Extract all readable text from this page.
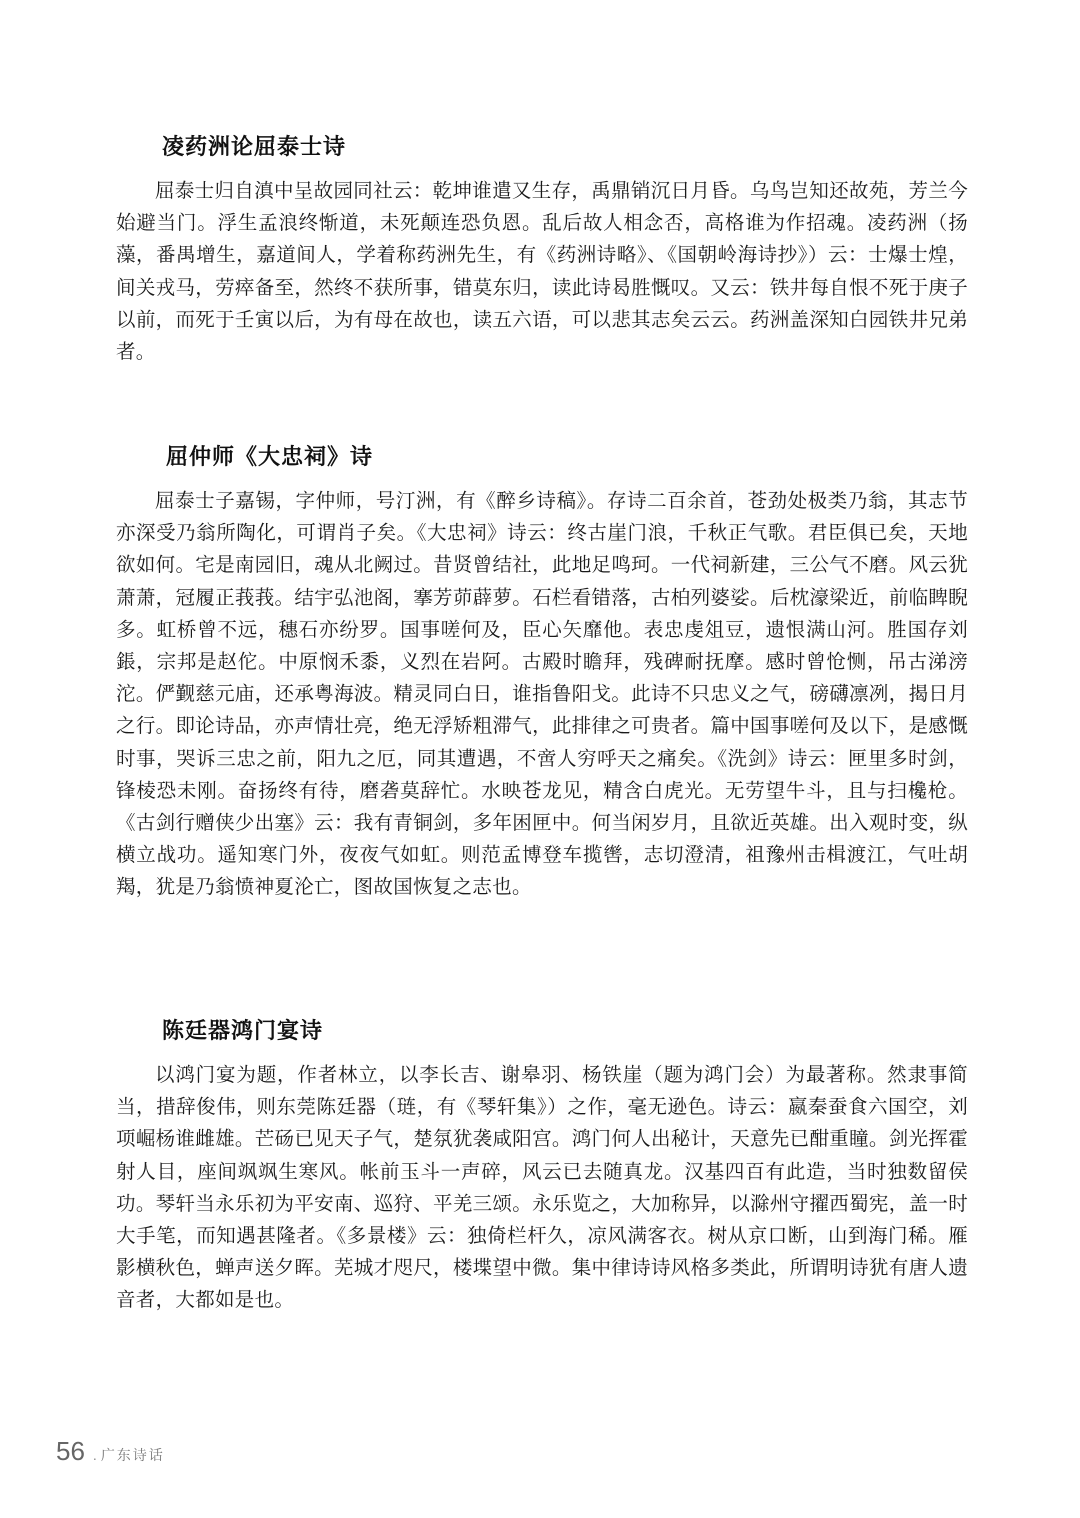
凌药洲论屈泰士诗

屈泰士归自滇中呈故园同社云：乾坤谁遣又生存，禹鼎销沉日月昏。乌鸟岂知还故苑，芳兰今始避当门。浮生孟浪终惭道，未死颠连恐负恩。乱后故人相念否，高格谁为作招魂。凌药洲（扬藻，番禺增生，嘉道间人，学着称药洲先生，有《药洲诗略》、《国朝岭海诗抄》）云：士爆士煌，间关戎马，劳瘁备至，然终不获所事，错莫东归，读此诗曷胜慨叹。又云：铁井每自恨不死于庚子以前，而死于壬寅以后，为有母在故也，读五六语，可以悲其志矣云云。药洲盖深知白园铁井兄弟者。

屈仲师《大忠祠》诗

屈泰士子嘉锡，字仲师，号汀洲，有《醉乡诗稿》。存诗二百余首，苍劲处极类乃翁，其志节亦深受乃翁所陶化，可谓肖子矣。《大忠祠》诗云：终古崖门浪，千秋正气歌。君臣俱已矣，天地欲如何。宅是南园旧，魂从北阙过。昔贤曾结社，此地足鸣珂。一代祠新建，三公气不磨。风云犹萧萧，冠履正莪莪。结宇弘池阁，搴芳茆薜萝。石栏看错落，古柏列婆娑。后枕濠梁近，前临睥睨多。虹桥曾不远，穗石亦纷罗。国事嗟何及，臣心矢靡他。表忠虔俎豆，遗恨满山河。胜国存刘鋹，宗邦是赵佗。中原悯禾黍，义烈在岩阿。古殿时瞻拜，残碑耐抚摩。感时曾怆恻，吊古涕滂沱。俨觐慈元庙，还承粤海波。精灵同白日，谁指鲁阳戈。此诗不只忠义之气，磅礴凛冽，揭日月之行。即论诗品，亦声情壮亮，绝无浮矫粗滞气，此排律之可贵者。篇中国事嗟何及以下，是感慨时事，哭诉三忠之前，阳九之厄，同其遭遇，不啻人穷呼天之痛矣。《洗剑》诗云：匣里多时剑，锋棱恐未刚。奋扬终有待，磨砻莫辞忙。水映苍龙见，精含白虎光。无劳望牛斗，且与扫欃枪。《古剑行赠侠少出塞》云：我有青铜剑，多年困匣中。何当闲岁月，且欲近英雄。出入观时变，纵横立战功。遥知寒门外，夜夜气如虹。则范孟博登车揽辔，志切澄清，祖豫州击楫渡江，气吐胡羯，犹是乃翁愤神夏沦亡，图故国恢复之志也。

陈廷器鸿门宴诗

以鸿门宴为题，作者林立，以李长吉、谢皋羽、杨铁崖（题为鸿门会）为最著称。然隶事简当，措辞俊伟，则东莞陈廷器（琏，有《琴轩集》）之作，毫无逊色。诗云：嬴秦蚕食六国空，刘项崛杨谁雌雄。芒砀已见天子气，楚氛犹袭咸阳宫。鸿门何人出秘计，天意先已酣重瞳。剑光挥霍射人目，座间飒飒生寒风。帐前玉斗一声碎，风云已去随真龙。汉基四百有此造，当时独数留侯功。琴轩当永乐初为平安南、巡狩、平羌三颂。永乐览之，大加称异，以滁州守擢西蜀宪，盖一时大手笔，而知遇甚隆者。《多景楼》云：独倚栏杆久，凉风满客衣。树从京口断，山到海门稀。雁影横秋色，蝉声送夕晖。芜城才咫尺，楼堞望中微。集中律诗诗风格多类此，所谓明诗犹有唐人遗音者，大都如是也。

56 . 广东诗话
